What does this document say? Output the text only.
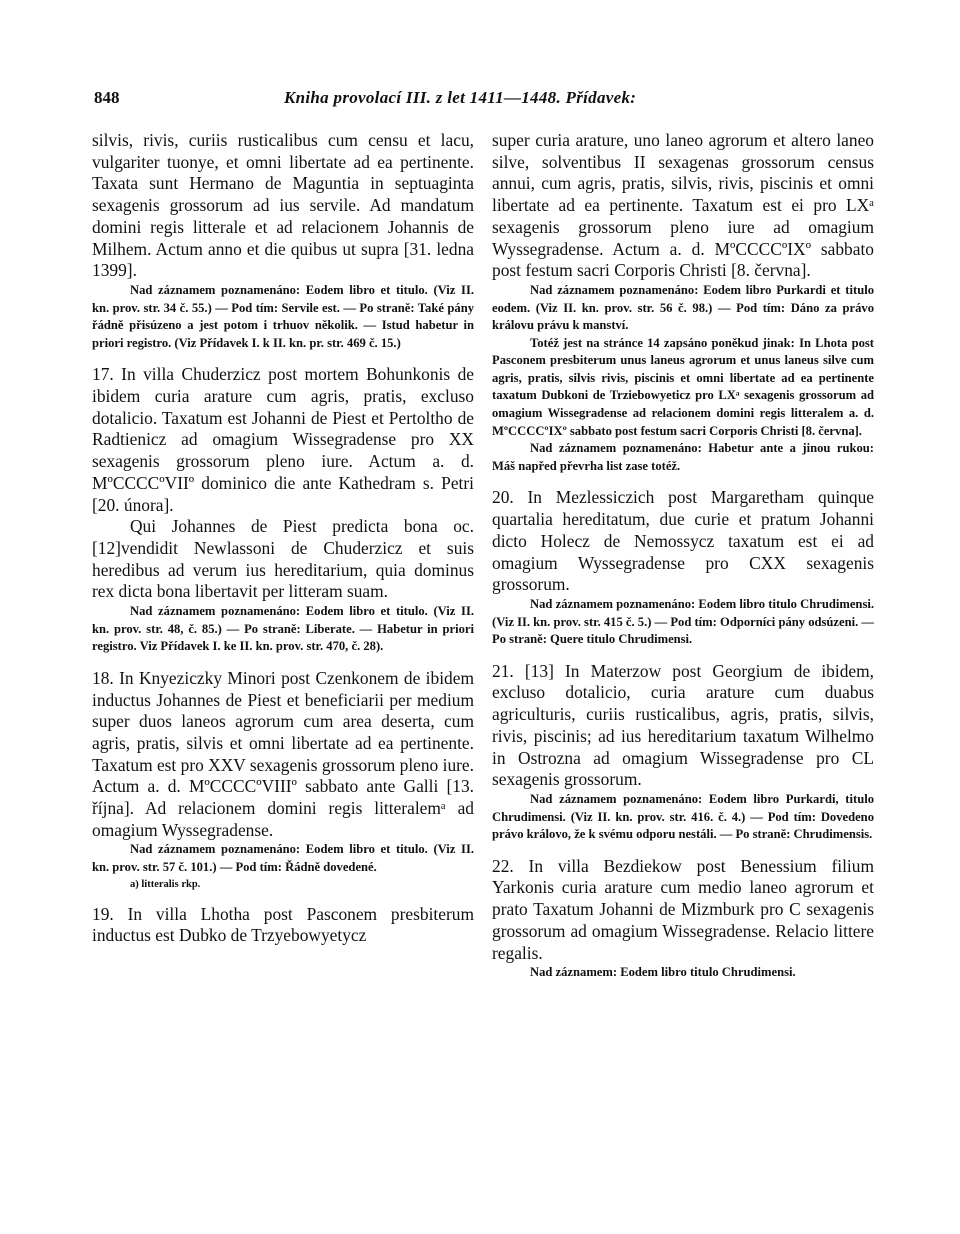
848	Kniha provolací III. z let 1411—1448. Přídavek:
silvis, rivis, curiis rusticalibus cum censu et lacu, vulgariter tuonye, et omni libertate ad ea pertinente. Taxata sunt Hermano de Maguntia in septuaginta sexagenis grossorum ad ius servile. Ad mandatum domini regis litterale et ad relacionem Johannis de Milhem. Actum anno et die quibus ut supra [31. ledna 1399].
Nad záznamem poznamenáno: Eodem libro et titulo. (Viz II. kn. prov. str. 34 č. 55.) — Pod tím: Servile est. — Po straně: Také pány řádně přisúzeno a jest potom i trhuov několik. — Istud habetur in priori registro. (Viz Přídavek I. k II. kn. pr. str. 469 č. 15.)
17. In villa Chuderzicz post mortem Bohunkonis de ibidem curia arature cum agris, pratis, excluso dotalicio. Taxatum est Johanni de Piest et Pertoltho de Radtienicz ad omagium Wissegradense pro XX sexagenis grossorum pleno iure. Actum a. d. MºCCCCºVIIº dominico die ante Kathedram s. Petri [20. února].
Qui Johannes de Piest predicta bona oc. [12]vendidit Newlassoni de Chuderzicz et suis heredibus ad verum ius hereditarium, quia dominus rex dicta bona libertavit per litteram suam.
Nad záznamem poznamenáno: Eodem libro et titulo. (Viz II. kn. prov. str. 48, č. 85.) — Po straně: Liberate. — Habetur in priori registro. Viz Přídavek I. ke II. kn. prov. str. 470, č. 28).
18. In Knyeziczky Minori post Czenkonem de ibidem inductus Johannes de Piest et beneficiarii per medium super duos laneos agrorum cum area deserta, cum agris, pratis, silvis et omni libertate ad ea pertinente. Taxatum est pro XXV sexagenis grossorum pleno iure. Actum a. d. MºCCCCºVIIIº sabbato ante Galli [13. října]. Ad relacionem domini regis litteralemᵃ ad omagium Wyssegradense.
Nad záznamem poznamenáno: Eodem libro et titulo. (Viz II. kn. prov. str. 57 č. 101.) — Pod tím: Řádně dovedené.
a) litteralis rkp.
19. In villa Lhotha post Pasconem presbiterum inductus est Dubko de Trzyebowyetycz
super curia arature, uno laneo agrorum et altero laneo silve, solventibus II sexagenas grossorum census annui, cum agris, pratis, silvis, rivis, piscinis et omni libertate ad ea pertinente. Taxatum est ei pro LXᵃ sexagenis grossorum pleno iure ad omagium Wyssegradense. Actum a. d. MºCCCCºIXº sabbato post festum sacri Corporis Christi [8. června].
Nad záznamem poznamenáno: Eodem libro Purkardi et titulo eodem. (Viz II. kn. prov. str. 56 č. 98.) — Pod tím: Dáno za právo královu právu k manství.
Totéž jest na stránce 14 zapsáno poněkud jinak: In Lhota post Pasconem presbiterum unus laneus agrorum et unus laneus silve cum agris, pratis, silvis rivis, piscinis et omni libertate ad ea pertinente taxatum Dubkoni de Trziebowyeticz pro LXᵃ sexagenis grossorum ad omagium Wissegradense ad relacionem domini regis litteralem a. d. MºCCCCºIXº sabbato post festum sacri Corporis Christi [8. června].
Nad záznamem poznamenáno: Habetur ante a jinou rukou: Máš napřed převrha list zase totéž.
20. In Mezlessiczich post Margaretham quinque quartalia hereditatum, due curie et pratum Johanni dicto Holecz de Nemossycz taxatum est ei ad omagium Wyssegradense pro CXX sexagenis grossorum.
Nad záznamem poznamenáno: Eodem libro titulo Chrudimensi. (Viz II. kn. prov. str. 415 č. 5.) — Pod tím: Odporníci pány odsúzeni. — Po straně: Quere titulo Chrudimensi.
21. [13] In Materzow post Georgium de ibidem, excluso dotalicio, curia arature cum duabus agriculturis, curiis rusticalibus, agris, pratis, silvis, rivis, piscinis; ad ius hereditarium taxatum Wilhelmo in Ostrozna ad omagium Wissegradense pro CL sexagenis grossorum.
Nad záznamem poznamenáno: Eodem libro Purkardi, titulo Chrudimensi. (Viz II. kn. prov. str. 416. č. 4.) — Pod tím: Dovedeno právo královo, že k svému odporu nestáli. — Po straně: Chrudimensis.
22. In villa Bezdiekow post Benessium filium Yarkonis curia arature cum medio laneo agrorum et prato Taxatum Johanni de Mizmburk pro C sexagenis grossorum ad omagium Wissegradense. Relacio littere regalis.
Nad záznamem: Eodem libro titulo Chrudimensi.
